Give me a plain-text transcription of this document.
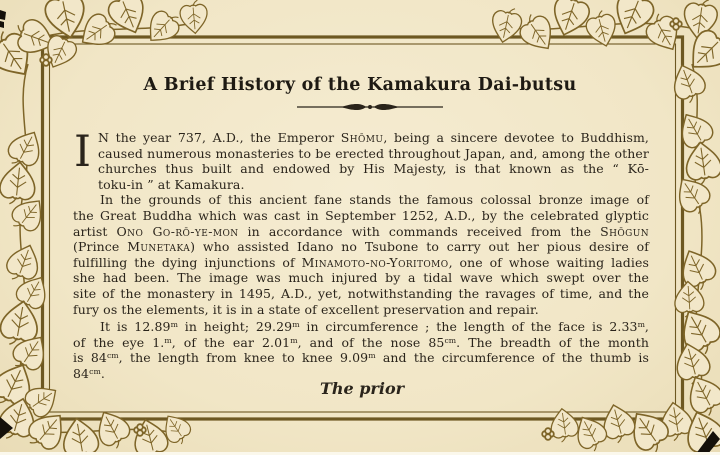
A Brief History of the Kamakura Dai-butsu
I N the year 737, A.D., the Emperor Shōmu, being a sincere devotee to Buddhism,
caused numerous monasteries to be erected throughout Japan, and, among the other
churches thus built and endowed by His Majesty, is that known as the “ Kō-
toku-in ” at Kamakura.
In the grounds of this ancient fane stands the famous colossal bronze image of
the Great Buddha which was cast in September 1252, A.D., by the celebrated glyptic
artist Ono Go-rō-ye-mon in accordance with commands received from the Shōgun
(Prince Munetaka) who assisted Idano no Tsubone to carry out her pious desire of
fulfilling the dying injunctions of Minamoto-no-Yoritomo, one of whose waiting ladies
she had been. The image was much injured by a tidal wave which swept over the
site of the monastery in 1495, A.D., yet, notwithstanding the ravages of time, and the
fury os the elements, it is in a state of excellent preservation and repair.
It is 12.89$^m$ in height; 29.29$^m$ in circumference ; the length of the face is 2.33$^m$,
of the eye 1.$^m$, of the ear 2.01$^m$, and of the nose $85^{cm}$. The breadth of the month
is $84^{cm}$, the length from knee to knee 9.09$^m$ and the circumference of the thumb is
$84^{cm}$.
The prior
